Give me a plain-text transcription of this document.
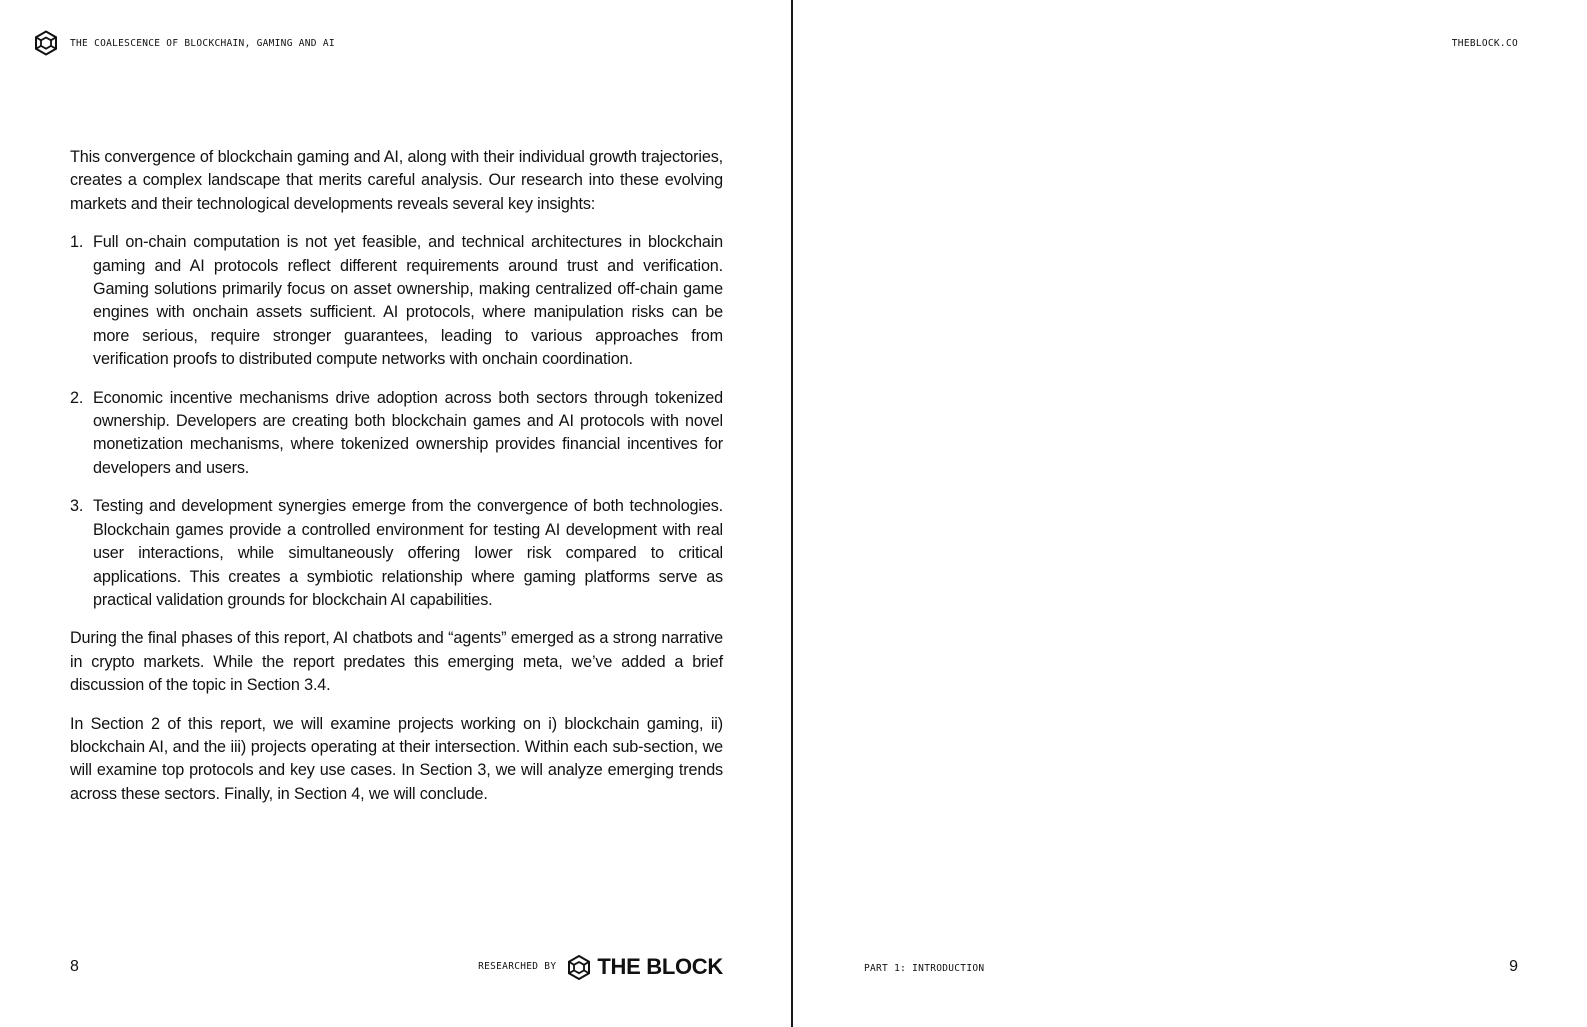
THE COALESCENCE OF BLOCKCHAIN, GAMING AND AI

This convergence of blockchain gaming and AI, along with their individual growth trajectories, creates a complex landscape that merits careful analysis. Our research into these evolving markets and their technological developments reveals several key insights:

1. Full on-chain computation is not yet feasible, and technical architectures in blockchain gaming and AI protocols reflect different requirements around trust and verification. Gaming solutions primarily focus on asset ownership, making centralized off-chain game engines with onchain assets sufficient. AI protocols, where manipulation risks can be more serious, require stronger guarantees, leading to various approaches from verification proofs to distributed compute networks with onchain coordination.
2. Economic incentive mechanisms drive adoption across both sectors through tokenized ownership. Developers are creating both blockchain games and AI protocols with novel monetization mechanisms, where tokenized ownership provides financial incentives for developers and users.
3. Testing and development synergies emerge from the convergence of both technologies. Blockchain games provide a controlled environment for testing AI development with real user interactions, while simultaneously offering lower risk compared to critical applications. This creates a symbiotic relationship where gaming platforms serve as practical validation grounds for blockchain AI capabilities.

During the final phases of this report, AI chatbots and “agents” emerged as a strong narrative in crypto markets. While the report predates this emerging meta, we’ve added a brief discussion of the topic in Section 3.4.

In Section 2 of this report, we will examine projects working on i) blockchain gaming, ii) blockchain AI, and the iii) projects operating at their intersection. Within each sub-section, we will examine top protocols and key use cases. In Section 3, we will analyze emerging trends across these sectors. Finally, in Section 4, we will conclude.

8	RESEARCHED BY THE BLOCK
THEBLOCK.CO
PART 1: INTRODUCTION	9
